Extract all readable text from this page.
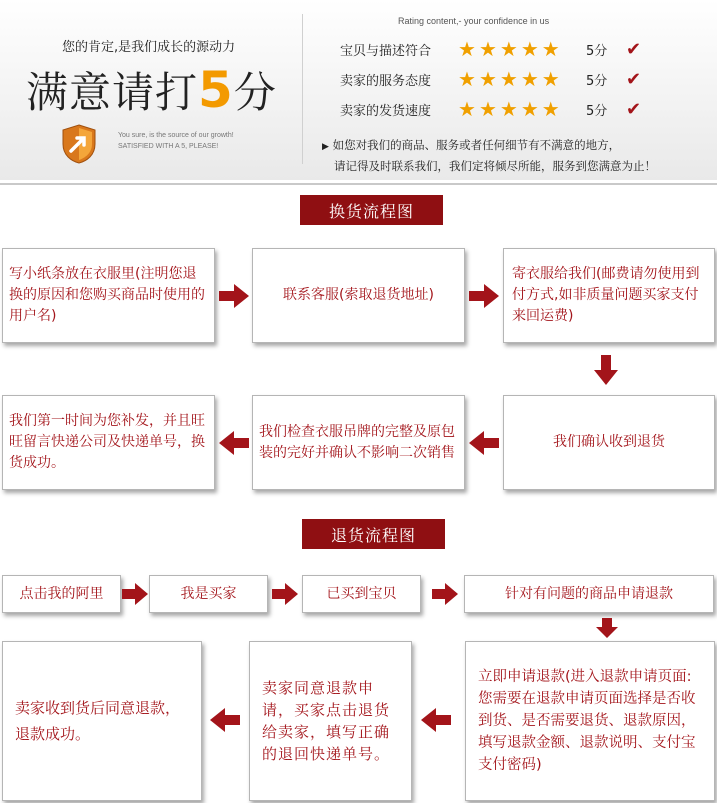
您的肯定,是我们成长的源动力
满意请打5分
You sure, is the source of our growth!
SATISFIED WITH A 5, PLEASE!
Rating content,- your confidence in us
宝贝与描述符合	★ ★ ★ ★ ★ 5分	✔
卖家的服务态度	★ ★ ★ ★ ★ 5分	✔
卖家的发货速度	★ ★ ★ ★ ★ 5分	✔
▶ 如您对我们的商品、服务或者任何细节有不满意的地方，
请记得及时联系我们，我们定将倾尽所能，服务到您满意为止！
换货流程图
写小纸条放在衣服里(注明您退换的原因和您购买商品时使用的用户名)
联系客服(索取退货地址)
寄衣服给我们(邮费请勿使用到付方式,如非质量问题买家支付来回运费)
我们确认收到退货
我们检查衣服吊牌的完整及原包装的完好并确认不影响二次销售
我们第一时间为您补发，并且旺旺留言快递公司及快递单号，换货成功。
退货流程图
点击我的阿里	我是买家	已买到宝贝	针对有问题的商品申请退款
立即申请退款(进入退款申请页面:您需要在退款申请页面选择是否收到货、是否需要退货、退款原因，填写退款金额、退款说明、支付宝支付密码)
卖家同意退款申请，买家点击退货给卖家，填写正确的退回快递单号。
卖家收到货后同意退款，退款成功。
